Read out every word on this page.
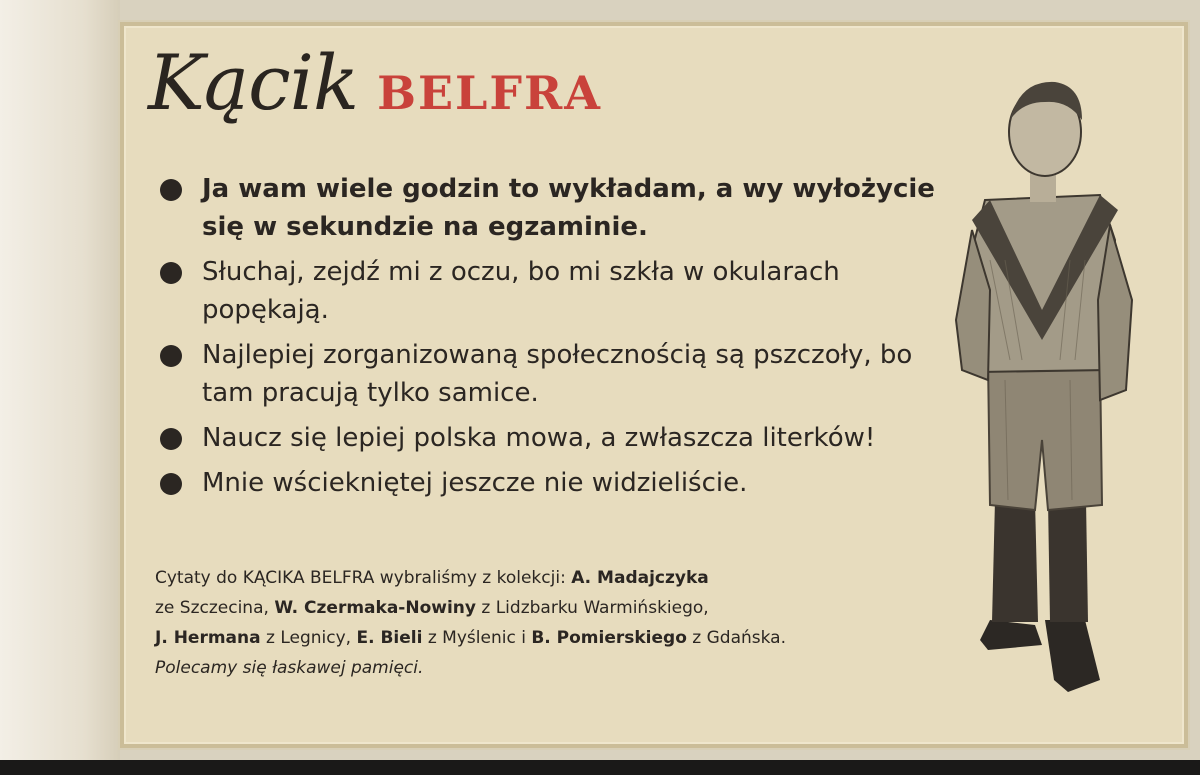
Kącik BELFRA
Ja wam wiele godzin to wykładam, a wy wyłożycie się w sekundzie na egzaminie.
Słuchaj, zejdź mi z oczu, bo mi szkła w okularach popękają.
Najlepiej zorganizowaną społecznością są pszczoły, bo tam pracują tylko samice.
Naucz się lepiej polska mowa, a zwłaszcza literków!
Mnie wściekniętej jeszcze nie widzieliście.

Cytaty do KĄCIKA BELFRA wybraliśmy z kolekcji: A. Madajczyka

ze Szczecina, W. Czermaka-Nowiny z Lidzbarku Warmińskiego,

J. Hermana z Legnicy, E. Bieli z Myślenic i B. Pomierskiego z Gdańska.

Polecamy się łaskawej pamięci.
